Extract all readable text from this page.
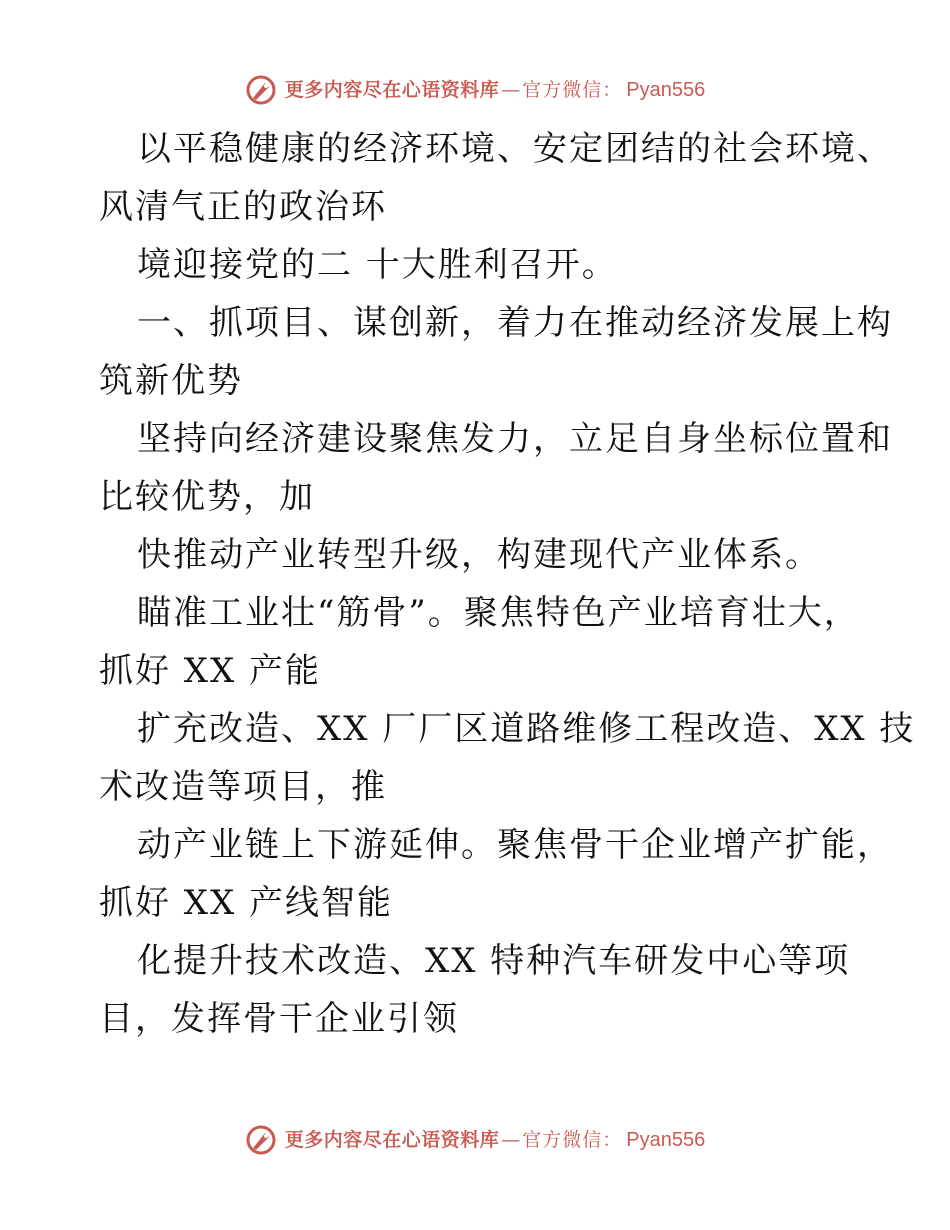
更多内容尽在心语资料库 — 官方微信： Pyan556
以平稳健康的经济环境、安定团结的社会环境、
风清气正的政治环
境迎接党的二 十大胜利召开。
一、抓项目、谋创新，着力在推动经济发展上构
筑新优势
坚持向经济建设聚焦发力，立足自身坐标位置和
比较优势，加
快推动产业转型升级，构建现代产业体系。
瞄准工业壮“筋骨”。聚焦特色产业培育壮大，
抓好 XX 产能
扩充改造、XX 厂厂区道路维修工程改造、XX 技
术改造等项目，推
动产业链上下游延伸。聚焦骨干企业增产扩能，
抓好 XX 产线智能
化提升技术改造、XX 特种汽车研发中心等项
目，发挥骨干企业引领
更多内容尽在心语资料库 — 官方微信： Pyan556
